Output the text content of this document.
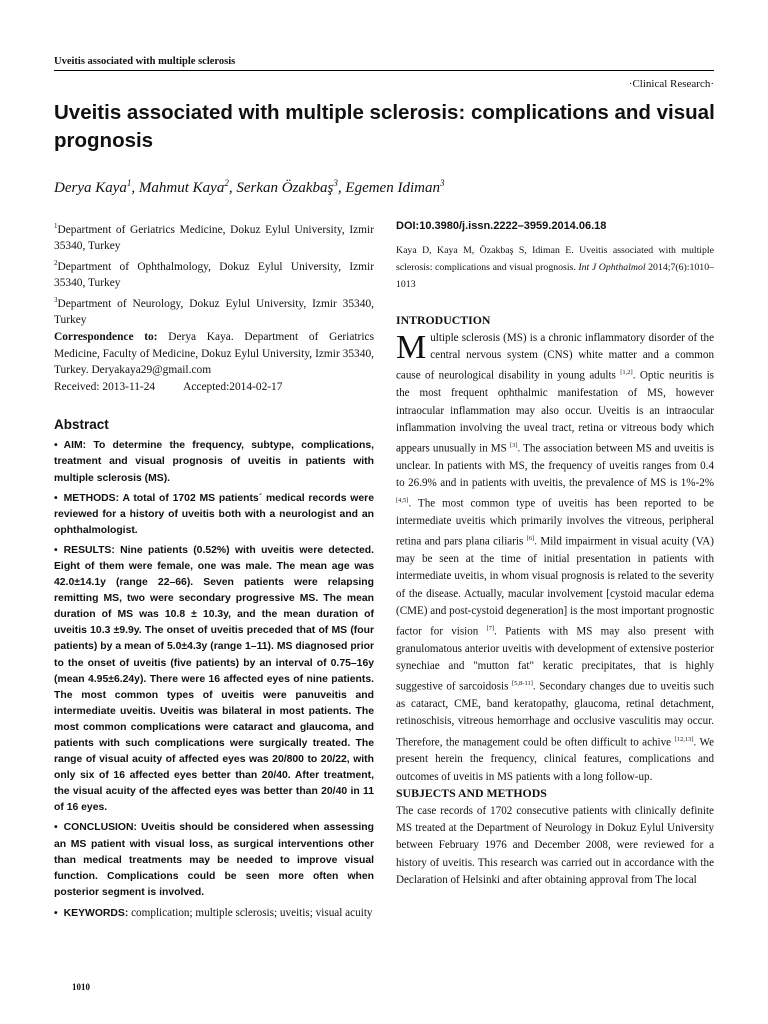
Uveitis associated with multiple sclerosis
·Clinical Research·
Uveitis associated with multiple sclerosis: complications and visual prognosis
Derya Kaya$^1$, Mahmut Kaya$^2$, Serkan Özakbaş$^3$, Egemen Idiman$^3$

$^1$Department of Geriatrics Medicine, Dokuz Eylul University, Izmir 35340, Turkey

$^2$Department of Ophthalmology, Dokuz Eylul University, Izmir 35340, Turkey

$^3$Department of Neurology, Dokuz Eylul University, Izmir 35340, Turkey

Correspondence to: Derya Kaya. Department of Geriatrics Medicine, Faculty of Medicine, Dokuz Eylul University, Izmir 35340, Turkey. Deryakaya29@gmail.com

Received: 2013-11-24 Accepted:2014-02-17

Abstract

• AIM: To determine the frequency, subtype, complications, treatment and visual prognosis of uveitis in patients with multiple sclerosis (MS).

• METHODS: A total of 1702 MS patients´ medical records were reviewed for a history of uveitis both with a neurologist and an ophthalmologist.

• RESULTS: Nine patients (0.52%) with uveitis were detected. Eight of them were female, one was male. The mean age was 42.0±14.1y (range 22–66). Seven patients were relapsing remitting MS, two were secondary progressive MS. The mean duration of MS was 10.8 ± 10.3y, and the mean duration of uveitis 10.3 ±9.9y. The onset of uveitis preceded that of MS (four patients) by a mean of 5.0±4.3y (range 1–11). MS diagnosed prior to the onset of uveitis (five patients) by an interval of 0.75–16y (mean 4.95±6.24y). There were 16 affected eyes of nine patients. The most common types of uveitis were panuveitis and intermediate uveitis. Uveitis was bilateral in most patients. The most common complications were cataract and glaucoma, and patients with such complications were surgically treated. The range of visual acuity of affected eyes was 20/800 to 20/22, with only six of 16 affected eyes better than 20/40. After treatment, the visual acuity of the affected eyes was better than 20/40 in 11 of 16 eyes.

• CONCLUSION: Uveitis should be considered when assessing an MS patient with visual loss, as surgical interventions other than medical treatments may be needed to improve visual function. Complications could be seen more often when posterior segment is involved.

• KEYWORDS: complication; multiple sclerosis; uveitis; visual acuity

DOI:10.3980/j.issn.2222–3959.2014.06.18

Kaya D, Kaya M, Özakbaş S, Idiman E. Uveitis associated with multiple sclerosis: complications and visual prognosis. Int J Ophthalmol 2014;7(6):1010–1013

INTRODUCTION

M ultiple sclerosis (MS) is a chronic inflammatory disorder of the central nervous system (CNS) white matter and a common cause of neurological disability in young adults [1,2]. Optic neuritis is the most frequent ophthalmic manifestation of MS, however intraocular inflammation may also occur. Uveitis is an intraocular inflammation involving the uveal tract, retina or vitreous body which appears unusually in MS [3]. The association between MS and uveitis is unclear. In patients with MS, the frequency of uveitis ranges from 0.4 to 26.9% and in patients with uveitis, the prevalence of MS is 1%-2%[4,5]. The most common type of uveitis has been reported to be intermediate uveitis which primarily involves the vitreous, peripheral retina and pars plana ciliaris [6]. Mild impairment in visual acuity (VA) may be seen at the time of initial presentation in patients with intermediate uveitis, in whom visual prognosis is related to the severity of the disease. Actually, macular involvement [cystoid macular edema (CME) and post-cystoid degeneration] is the most important prognostic factor for vision [7]. Patients with MS may also present with granulomatous anterior uveitis with development of extensive posterior synechiae and "mutton fat" keratic precipitates, that is highly suggestive of sarcoidosis [5,8-11]. Secondary changes due to uveitis such as cataract, CME, band keratopathy, glaucoma, retinal detachment, retinoschisis, vitreous hemorrhage and occlusive vasculitis may occur. Therefore, the management could be often difficult to achive [12,13]. We present herein the frequency, clinical features, complications and outcomes of uveitis in MS patients with a long follow-up.

SUBJECTS AND METHODS

The case records of 1702 consecutive patients with clinically definite MS treated at the Department of Neurology in Dokuz Eylul University between February 1976 and December 2008, were reviewed for a history of uveitis. This research was carried out in accordance with the Declaration of Helsinki and after obtaining approval from The local

1010
